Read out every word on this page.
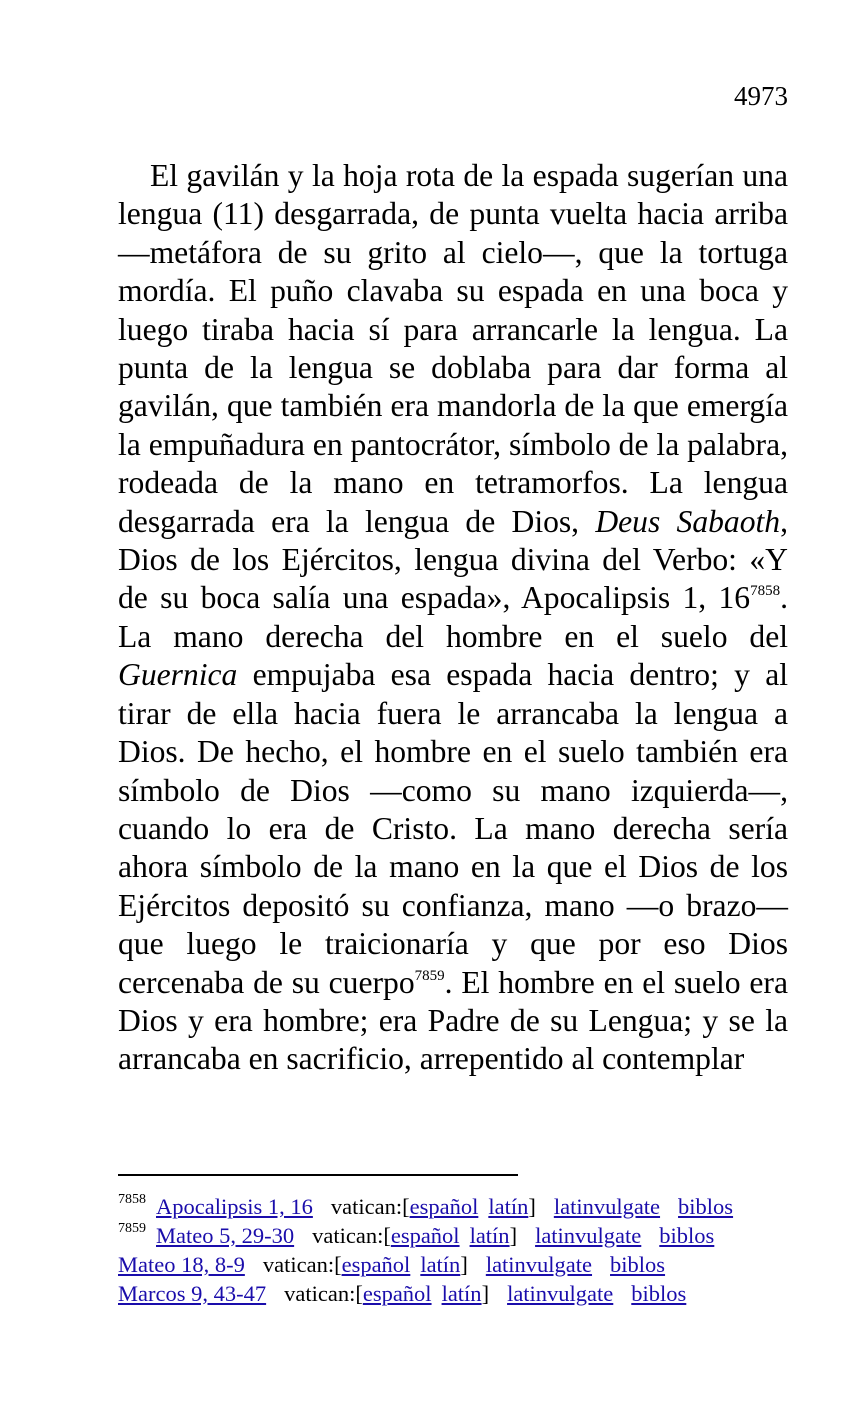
4973

El gavilán y la hoja rota de la espada sugerían una lengua (11) desgarrada, de punta vuelta hacia arriba —metáfora de su grito al cielo—, que la tortuga mordía. El puño clavaba su espada en una boca y luego tiraba hacia sí para arrancarle la lengua. La punta de la lengua se doblaba para dar forma al gavilán, que también era mandorla de la que emergía la empuñadura en pantocrátor, símbolo de la palabra, rodeada de la mano en tetramorfos. La lengua desgarrada era la lengua de Dios, Deus Sabaoth, Dios de los Ejércitos, lengua divina del Verbo: «Y de su boca salía una espada», Apocalipsis 1, 16$^{7858}$. La mano derecha del hombre en el suelo del Guernica empujaba esa espada hacia dentro; y al tirar de ella hacia fuera le arrancaba la lengua a Dios. De hecho, el hombre en el suelo también era símbolo de Dios —como su mano izquierda—, cuando lo era de Cristo. La mano derecha sería ahora símbolo de la mano en la que el Dios de los Ejércitos depositó su confianza, mano —o brazo— que luego le traicionaría y que por eso Dios cercenaba de su cuerpo$^{7859}$. El hombre en el suelo era Dios y era hombre; era Padre de su Lengua; y se la arrancaba en sacrificio, arrepentido al contemplar

$^{7858}$ Apocalipsis 1, 16 vatican:[español latín] latinvulgate biblos
$^{7859}$ Mateo 5, 29-30 vatican:[español latín] latinvulgate biblos
Mateo 18, 8-9 vatican:[español latín] latinvulgate biblos
Marcos 9, 43-47 vatican:[español latín] latinvulgate biblos
